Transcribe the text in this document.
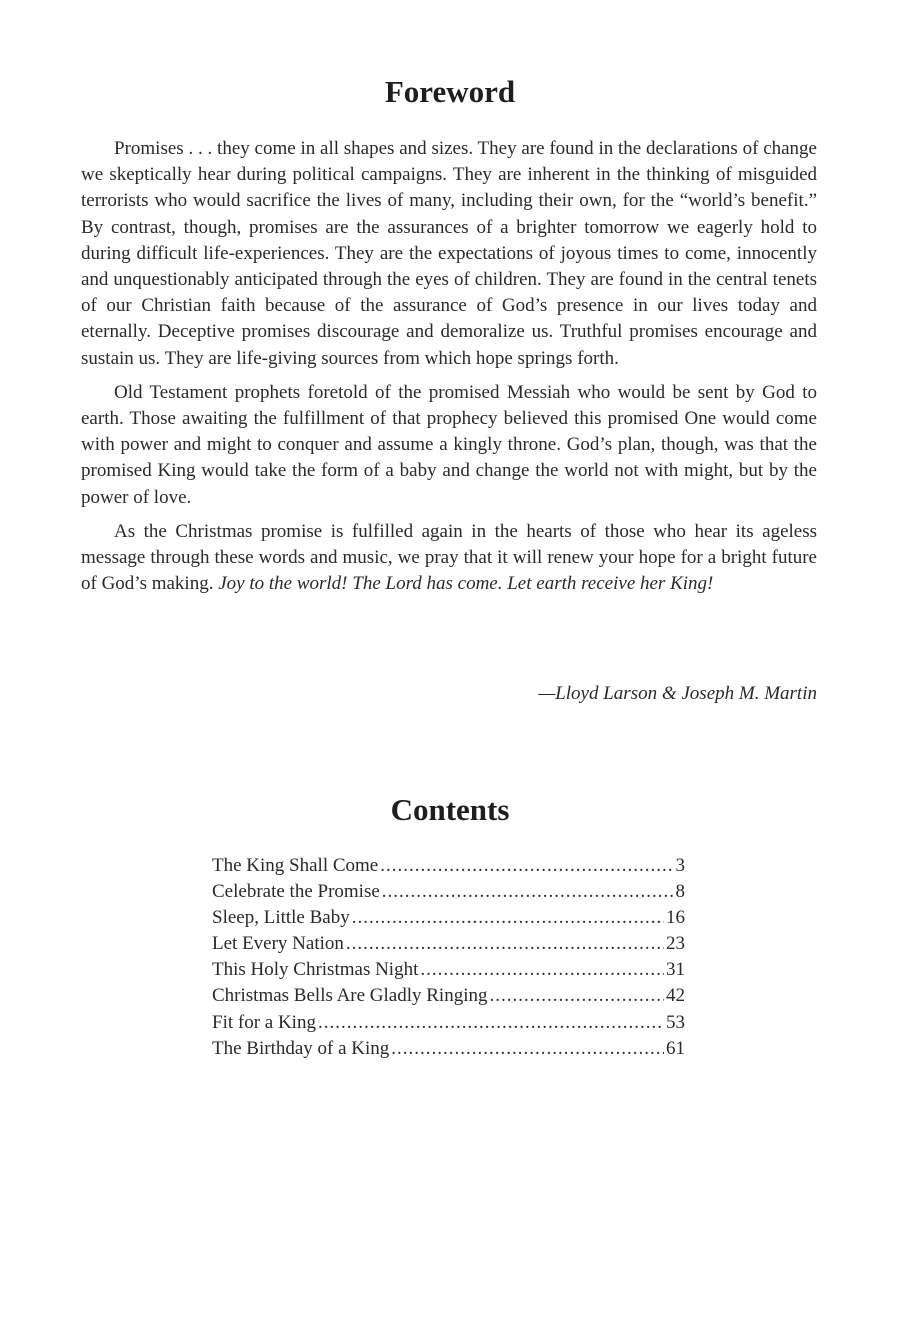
Foreword

Promises . . . they come in all shapes and sizes. They are found in the declarations of change we skeptically hear during political campaigns. They are inherent in the thinking of misguided terrorists who would sacrifice the lives of many, including their own, for the “world’s benefit.” By contrast, though, promises are the assurances of a brighter tomorrow we eagerly hold to during difficult life-experiences. They are the expectations of joyous times to come, innocently and unquestionably anticipated through the eyes of children. They are found in the central tenets of our Christian faith because of the assurance of God’s presence in our lives today and eternally. Deceptive promises discourage and demoralize us. Truthful promises encourage and sustain us. They are life-giving sources from which hope springs forth.

Old Testament prophets foretold of the promised Messiah who would be sent by God to earth. Those awaiting the fulfillment of that prophecy believed this promised One would come with power and might to conquer and assume a kingly throne. God’s plan, though, was that the promised King would take the form of a baby and change the world not with might, but by the power of love.

As the Christmas promise is fulfilled again in the hearts of those who hear its ageless message through these words and music, we pray that it will renew your hope for a bright future of God’s making. Joy to the world! The Lord has come. Let earth receive her King!

—Lloyd Larson & Joseph M. Martin

Contents
The King Shall Come .....	3
Celebrate the Promise .....	8
Sleep, Little Baby .....	16
Let Every Nation .....	23
This Holy Christmas Night .....	31
Christmas Bells Are Gladly Ringing .....	42
Fit for a King .....	53
The Birthday of a King .....	61
